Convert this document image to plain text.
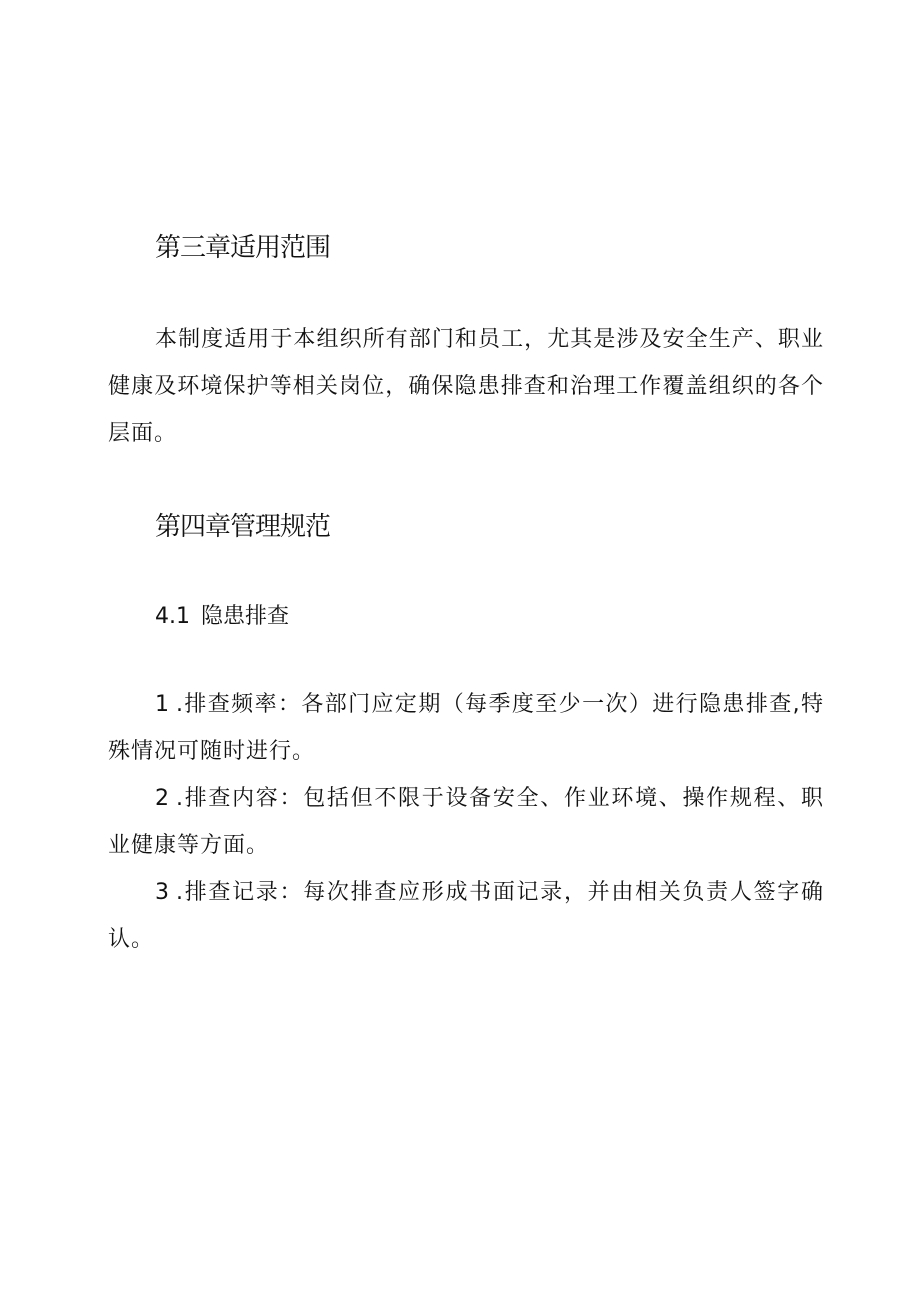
第三章适用范围

本制度适用于本组织所有部门和员工，尤其是涉及安全生产、职业健康及环境保护等相关岗位，确保隐患排查和治理工作覆盖组织的各个层面。

第四章管理规范
4.1 隐患排查

1 .排查频率：各部门应定期（每季度至少一次）进行隐患排查,特殊情况可随时进行。

2 .排查内容：包括但不限于设备安全、作业环境、操作规程、职业健康等方面。

3 .排查记录：每次排查应形成书面记录，并由相关负责人签字确认。
